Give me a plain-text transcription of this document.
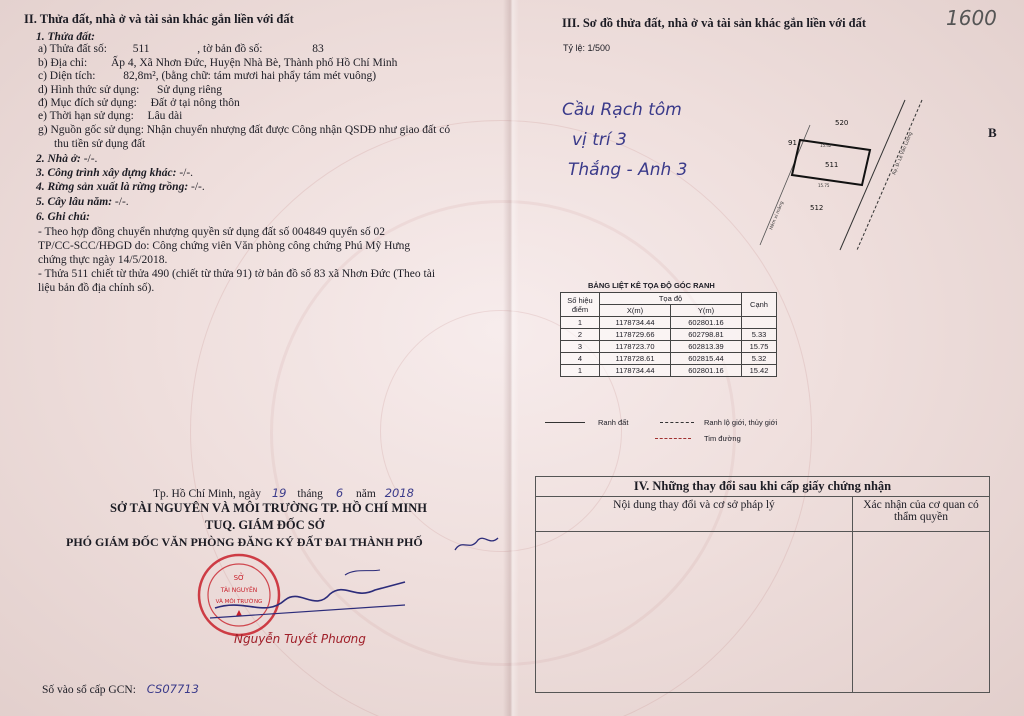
II. Thửa đất, nhà ở và tài sản khác gắn liền với đất
1. Thửa đất:
a) Thửa đất số: 511	, tờ bản đồ số:	83
b) Địa chỉ: Ấp 4, Xã Nhơn Đức, Huyện Nhà Bè, Thành phố Hồ Chí Minh
c) Diện tích: 82,8m², (bằng chữ: tám mươi hai phẩy tám mét vuông)
d) Hình thức sử dụng: Sử dụng riêng
đ) Mục đích sử dụng: Đất ở tại nông thôn
e) Thời hạn sử dụng: Lâu dài
g) Nguồn gốc sử dụng: Nhận chuyển nhượng đất được Công nhận QSDĐ như giao đất có
thu tiền sử dụng đất
2. Nhà ở: -/-.
3. Công trình xây dựng khác: -/-.
4. Rừng sản xuất là rừng trồng: -/-.
5. Cây lâu năm: -/-.
6. Ghi chú:
- Theo hợp đồng chuyển nhượng quyền sử dụng đất số 004849 quyển số 02
TP/CC-SCC/HĐGD do: Công chứng viên Văn phòng công chứng Phú Mỹ Hưng
chứng thực ngày 14/5/2018.
- Thửa 511 chiết từ thửa 490 (chiết từ thửa 91) tờ bản đồ số 83 xã Nhơn Đức (Theo tài
liệu bản đồ địa chính số).
Tp. Hồ Chí Minh, ngày 19 tháng 6 năm 2018
SỞ TÀI NGUYÊN VÀ MÔI TRƯỜNG TP. HỒ CHÍ MINH
TUQ. GIÁM ĐỐC SỞ
PHÓ GIÁM ĐỐC VĂN PHÒNG ĐĂNG KÝ ĐẤT ĐAI THÀNH PHỐ
SỞ
TÀI NGUYÊN
VÀ MÔI TRƯỜNG
Nguyễn Tuyết Phương
Số vào sổ cấp GCN: CS07713
1600
III. Sơ đồ thửa đất, nhà ở và tài sản khác gắn liền với đất
Tỷ lệ: 1/500
Cầu Rạch tôm
vị trí 3
Thắng - Anh 3	511
91
520
512
15.42
15.75
Rạ. Đ. Lê Văn Lương
Hẻm xi măng
B
BẢNG LIỆT KÊ TỌA ĐỘ GÓC RANH
Số hiệu điểm	Tọa độ		Cạnh
	X(m)	Y(m)	
1	1178734.44	602801.16	
2	1178729.66	602798.81	5.33
3	1178723.70	602813.39	15.75
4	1178728.61	602815.44	5.32
1	1178734.44	602801.16	15.42
Ranh đất	Ranh lộ giới, thủy giới
Tim đường
IV. Những thay đổi sau khi cấp giấy chứng nhận	
Nội dung thay đổi và cơ sở pháp lý	Xác nhận của cơ quan có thẩm quyền
